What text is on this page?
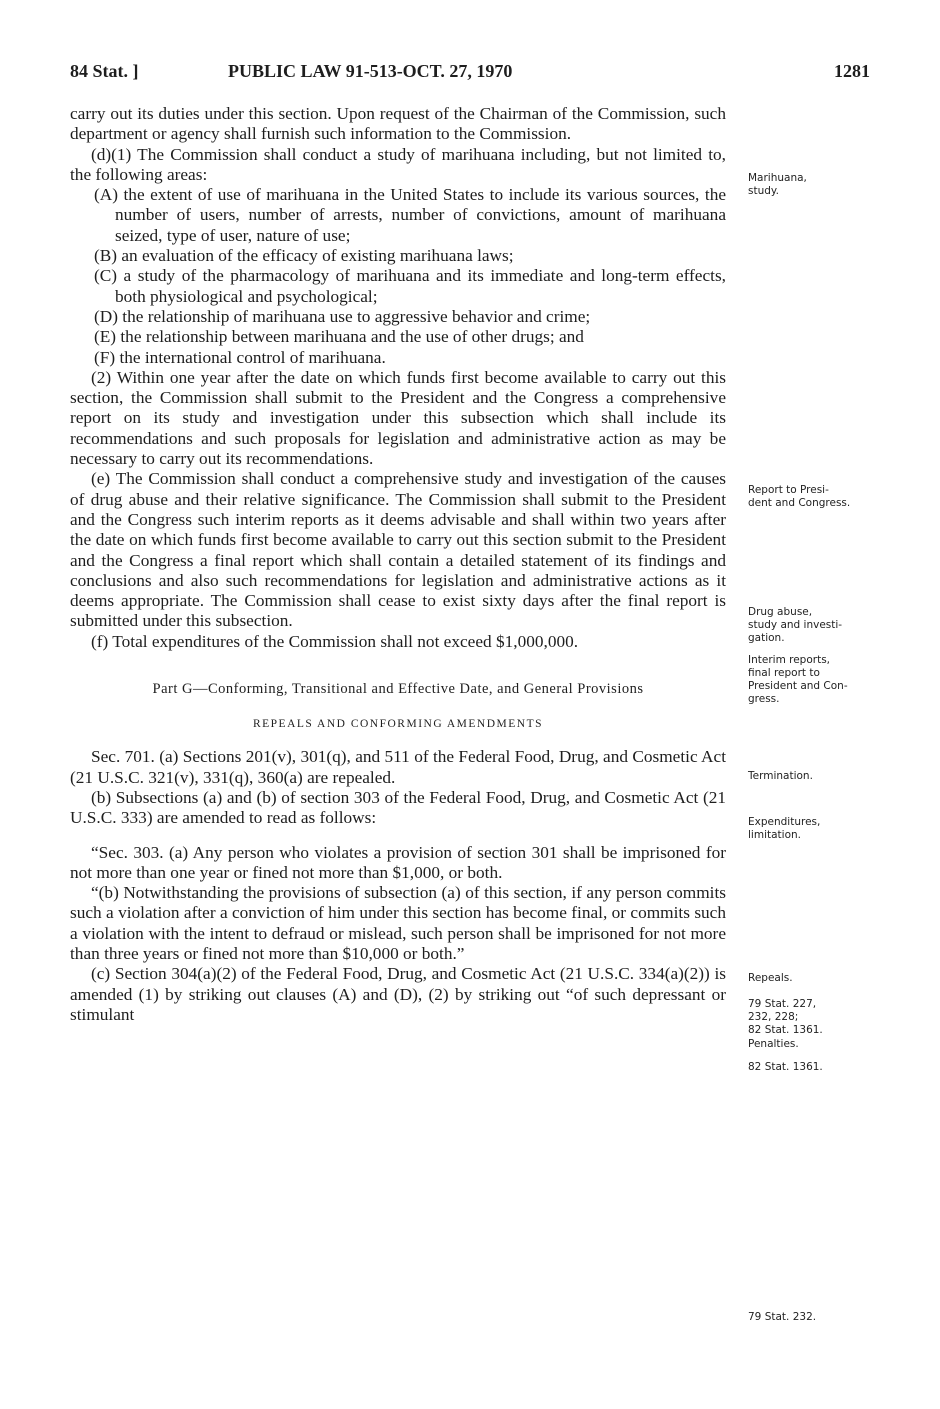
84 Stat. ]	PUBLIC LAW 91-513-OCT. 27, 1970	1281

carry out its duties under this section. Upon request of the Chairman of the Commission, such department or agency shall furnish such information to the Commission.

(d)(1) The Commission shall conduct a study of marihuana including, but not limited to, the following areas:

(A) the extent of use of marihuana in the United States to include its various sources, the number of users, number of arrests, number of convictions, amount of marihuana seized, type of user, nature of use;

(B) an evaluation of the efficacy of existing marihuana laws;

(C) a study of the pharmacology of marihuana and its immediate and long-term effects, both physiological and psychological;

(D) the relationship of marihuana use to aggressive behavior and crime;

(E) the relationship between marihuana and the use of other drugs; and

(F) the international control of marihuana.

(2) Within one year after the date on which funds first become available to carry out this section, the Commission shall submit to the President and the Congress a comprehensive report on its study and investigation under this subsection which shall include its recommendations and such proposals for legislation and administrative action as may be necessary to carry out its recommendations.

(e) The Commission shall conduct a comprehensive study and investigation of the causes of drug abuse and their relative significance. The Commission shall submit to the President and the Congress such interim reports as it deems advisable and shall within two years after the date on which funds first become available to carry out this section submit to the President and the Congress a final report which shall contain a detailed statement of its findings and conclusions and also such recommendations for legislation and administrative actions as it deems appropriate. The Commission shall cease to exist sixty days after the final report is submitted under this subsection.

(f) Total expenditures of the Commission shall not exceed $1,000,000.

Part G—Conforming, Transitional and Effective Date, and General Provisions

REPEALS AND CONFORMING AMENDMENTS

Sec. 701. (a) Sections 201(v), 301(q), and 511 of the Federal Food, Drug, and Cosmetic Act (21 U.S.C. 321(v), 331(q), 360(a) are repealed.

(b) Subsections (a) and (b) of section 303 of the Federal Food, Drug, and Cosmetic Act (21 U.S.C. 333) are amended to read as follows:

“Sec. 303. (a) Any person who violates a provision of section 301 shall be imprisoned for not more than one year or fined not more than $1,000, or both.

“(b) Notwithstanding the provisions of subsection (a) of this section, if any person commits such a violation after a conviction of him under this section has become final, or commits such a violation with the intent to defraud or mislead, such person shall be imprisoned for not more than three years or fined not more than $10,000 or both.”

(c) Section 304(a)(2) of the Federal Food, Drug, and Cosmetic Act (21 U.S.C. 334(a)(2)) is amended (1) by striking out clauses (A) and (D), (2) by striking out “of such depressant or stimulant

Marihuana,
study.
Report to Presi-
dent and Congress.
Drug abuse,
study and investi-
gation.
Interim reports,
final report to
President and Con-
gress.
Termination.
Expenditures,
limitation.
Repeals.
79 Stat. 227,
232, 228;
82 Stat. 1361.
Penalties.
82 Stat. 1361.
79 Stat. 232.
